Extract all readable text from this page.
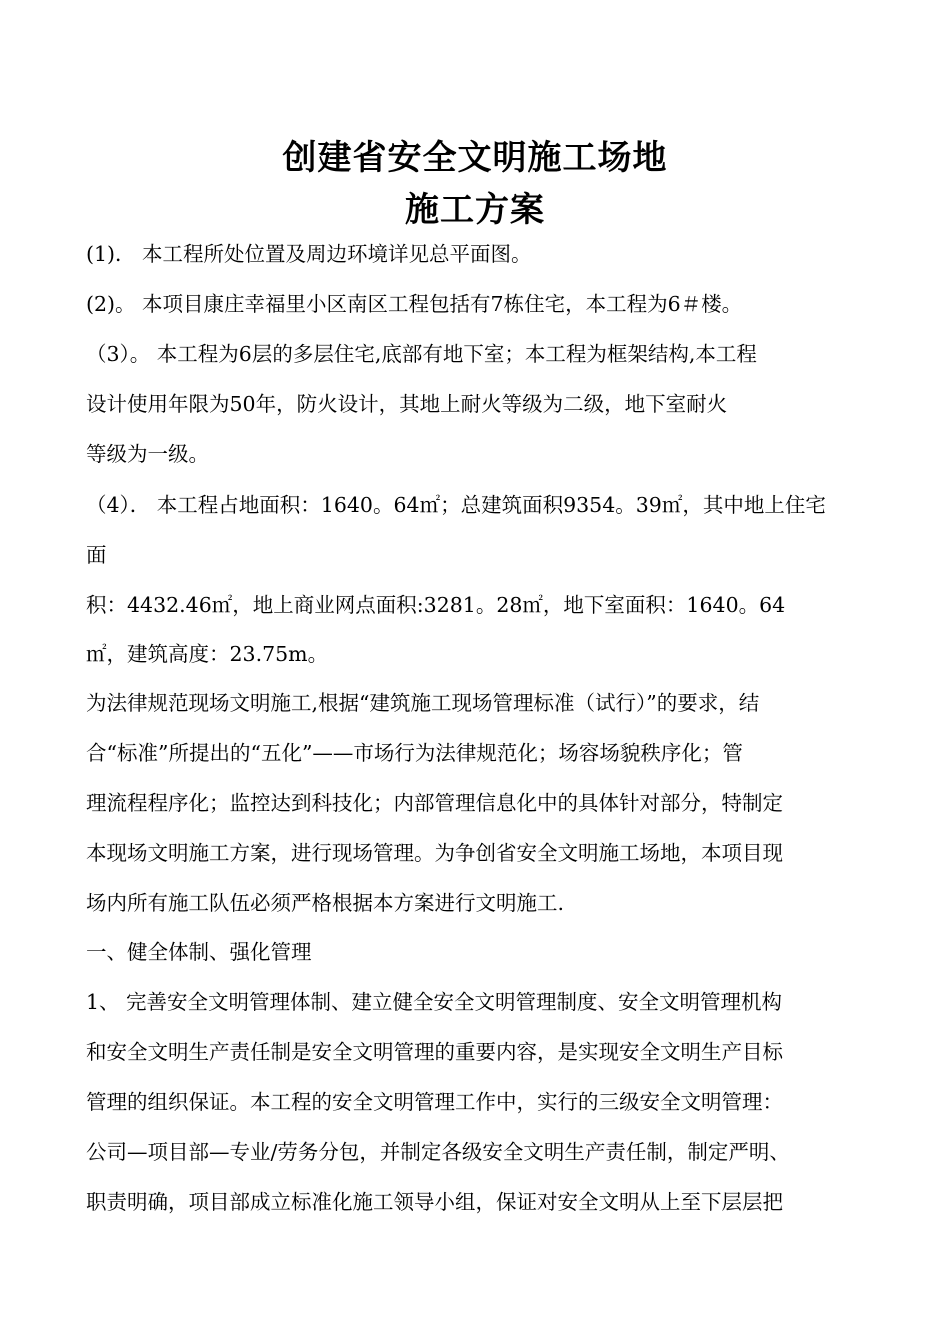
创建省安全文明施工场地
施工方案
(1)． 本工程所处位置及周边环境详见总平面图。
(2)。 本项目康庄幸福里小区南区工程包括有7栋住宅，本工程为6＃楼。
（3）。 本工程为6层的多层住宅,底部有地下室；本工程为框架结构,本工程
设计使用年限为50年，防火设计，其地上耐火等级为二级，地下室耐火
等级为一级。
（4）． 本工程占地面积：1640。64㎡；总建筑面积9354。39㎡，其中地上住宅
面
积：4432.46㎡，地上商业网点面积:3281。28㎡，地下室面积：1640。64
㎡，建筑高度：23.75m。
为法律规范现场文明施工,根据“建筑施工现场管理标准（试行）”的要求，结
合“标准”所提出的“五化”——市场行为法律规范化；场容场貌秩序化；管
理流程程序化；监控达到科技化；内部管理信息化中的具体针对部分，特制定
本现场文明施工方案，进行现场管理。为争创省安全文明施工场地，本项目现
场内所有施工队伍必须严格根据本方案进行文明施工.
一、健全体制、强化管理
1、 完善安全文明管理体制、建立健全安全文明管理制度、安全文明管理机构
和安全文明生产责任制是安全文明管理的重要内容，是实现安全文明生产目标
管理的组织保证。本工程的安全文明管理工作中，实行的三级安全文明管理：
公司—项目部—专业/劳务分包，并制定各级安全文明生产责任制，制定严明、
职责明确，项目部成立标准化施工领导小组，保证对安全文明从上至下层层把
